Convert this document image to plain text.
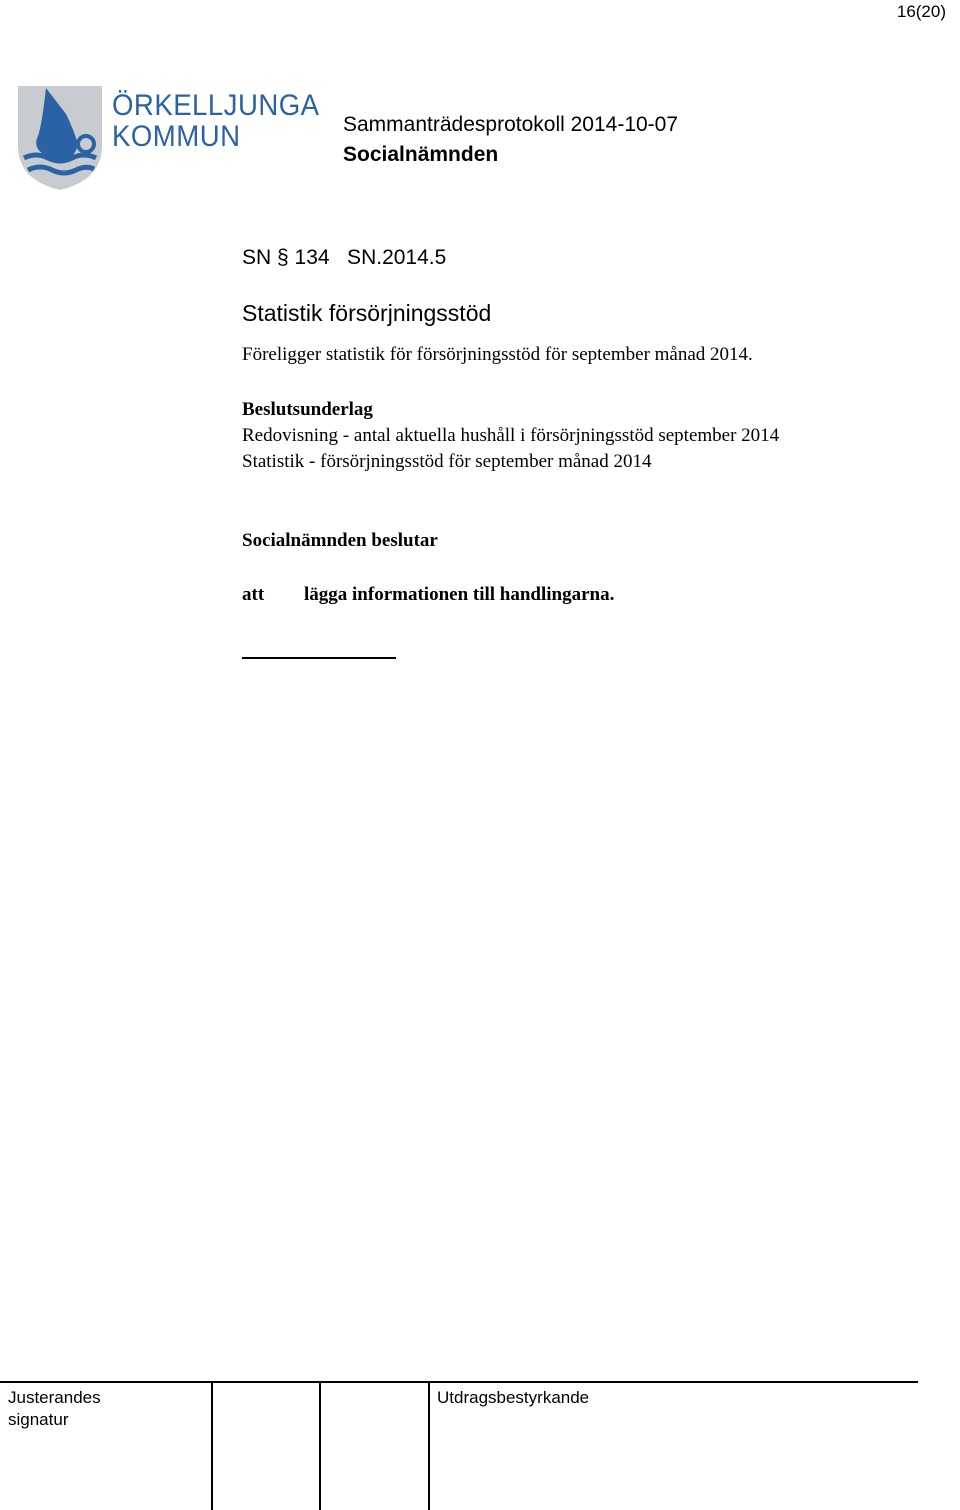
16(20)
ÖRKELLJUNGA
KOMMUN	Sammanträdesprotokoll 2014-10-07
Socialnämnden
SN § 134   SN.2014.5
Statistik försörjningsstöd
Föreligger statistik för försörjningsstöd för september månad 2014.
Beslutsunderlag
Redovisning - antal aktuella hushåll i försörjningsstöd september 2014
Statistik - försörjningsstöd för september månad 2014
Socialnämnden beslutar
att lägga informationen till handlingarna.
Justerandes
signatur
Utdragsbestyrkande
